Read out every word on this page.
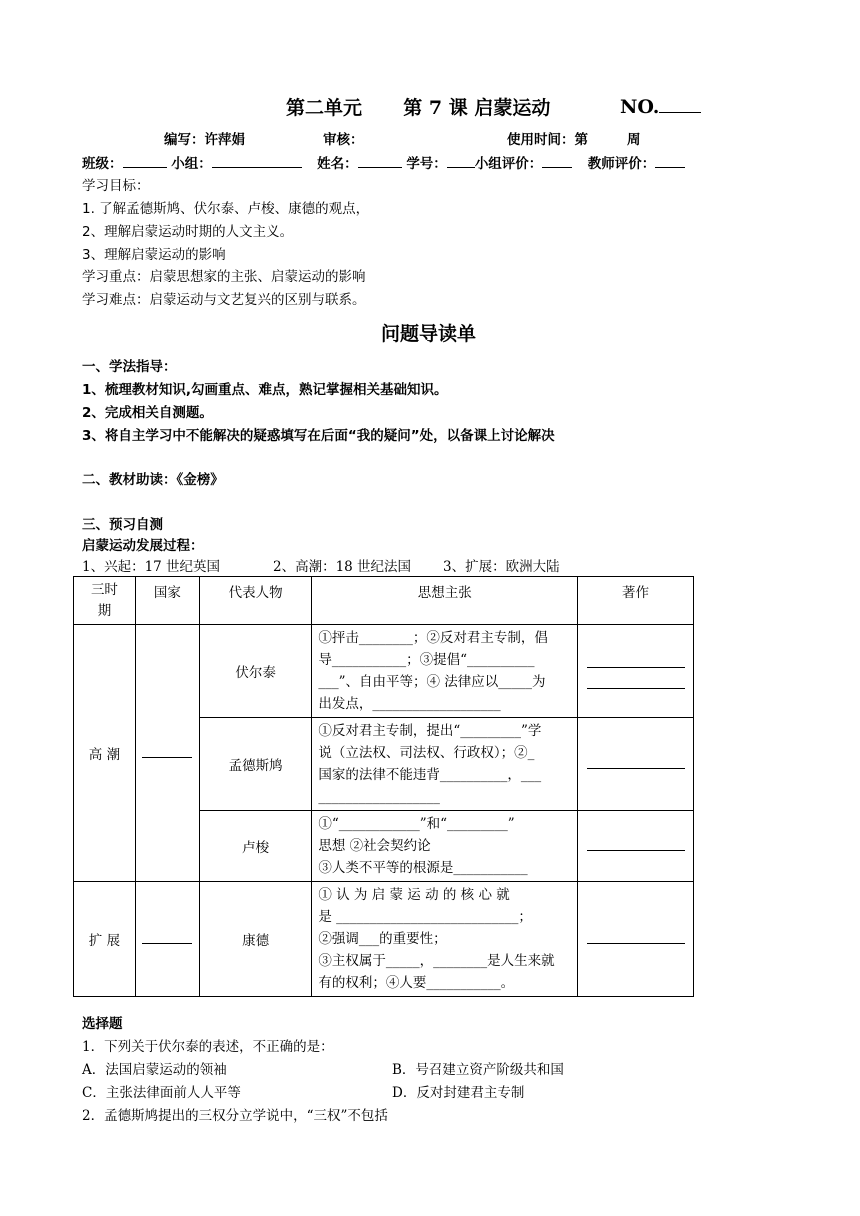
第二单元 第 7 课 启蒙运动	NO.
编写：许萍娟	审核：	使用时间：第	周
班级：	小组：	姓名：	学号： 小组评价：	教师评价：
学习目标：
1. 了解孟德斯鸠、伏尔泰、卢梭、康德的观点，
2、理解启蒙运动时期的人文主义。
3、理解启蒙运动的影响
学习重点：启蒙思想家的主张、启蒙运动的影响
学习难点：启蒙运动与文艺复兴的区别与联系。
问题导读单
一、学法指导：
1、梳理教材知识,勾画重点、难点，熟记掌握相关基础知识。
2、完成相关自测题。
3、将自主学习中不能解决的疑惑填写在后面“我的疑问”处，以备课上讨论解决
二、教材助读：《金榜》
三、预习自测
启蒙运动发展过程：
1、兴起：17 世纪英国	2、高潮：18 世纪法国 3、扩展：欧洲大陆
三时期	国家	代表人物	思想主张	著作
高 潮		伏尔泰	①抨击________；②反对君主专制，倡
导___________；③提倡“__________
___”、自由平等；④ 法律应以_____为
出发点，___________________	

		孟德斯鸠	①反对君主专制，提出“_________”学
说（立法权、司法权、行政权）；②_
国家的法律不能违背__________，___
__________________	

		卢梭	①“____________”和“_________”
思想 ②社会契约论
③人类不平等的根源是___________	

扩 展		康德	① 认 为 启 蒙 运 动 的 核 心 就
是 ___________________________；
②强调___的重要性；
③主权属于_____，________是人生来就
有的权利；④人要___________。	

选择题
1．下列关于伏尔泰的表述，不正确的是：
A．法国启蒙运动的领袖	B．号召建立资产阶级共和国
C．主张法律面前人人平等	D．反对封建君主专制
2．孟德斯鸠提出的三权分立学说中，“三权”不包括
